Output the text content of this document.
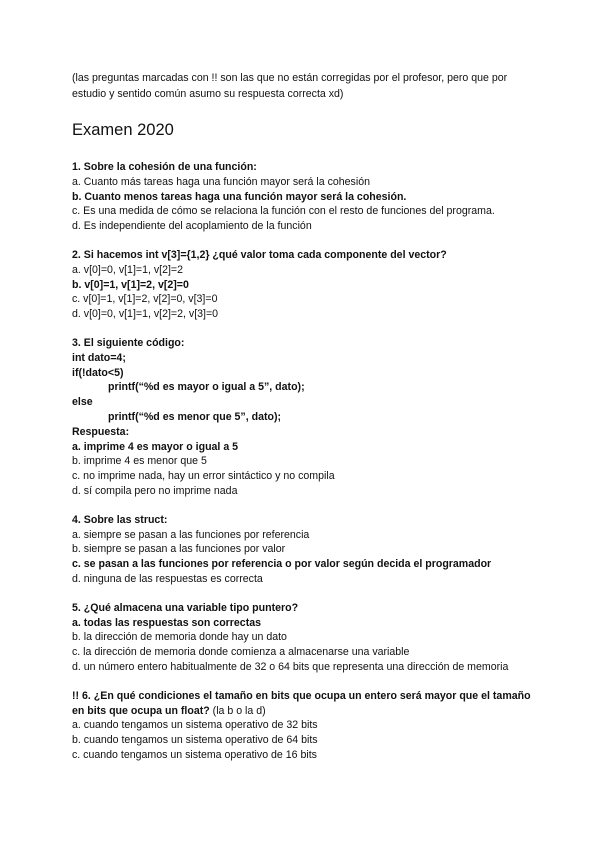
(las preguntas marcadas con !! son las que no están corregidas por el profesor, pero que por estudio y sentido común asumo su respuesta correcta xd)

Examen 2020
1. Sobre la cohesión de una función:
a. Cuanto más tareas haga una función mayor será la cohesión
b. Cuanto menos tareas haga una función mayor será la cohesión.
c. Es una medida de cómo se relaciona la función con el resto de funciones del programa.
d. Es independiente del acoplamiento de la función
2. Si hacemos int v[3]={1,2} ¿qué valor toma cada componente del vector?
a. v[0]=0, v[1]=1, v[2]=2
b. v[0]=1, v[1]=2, v[2]=0
c. v[0]=1, v[1]=2, v[2]=0, v[3]=0
d. v[0]=0, v[1]=1, v[2]=2, v[3]=0
3. El siguiente código:
int dato=4;
if(!dato<5)
printf(“%d es mayor o igual a 5”, dato);
else
printf(“%d es menor que 5”, dato);
Respuesta:
a. imprime 4 es mayor o igual a 5
b. imprime 4 es menor que 5
c. no imprime nada, hay un error sintáctico y no compila
d. sí compila pero no imprime nada
4. Sobre las struct:
a. siempre se pasan a las funciones por referencia
b. siempre se pasan a las funciones por valor
c. se pasan a las funciones por referencia o por valor según decida el programador
d. ninguna de las respuestas es correcta
5. ¿Qué almacena una variable tipo puntero?
a. todas las respuestas son correctas
b. la dirección de memoria donde hay un dato
c. la dirección de memoria donde comienza a almacenarse una variable
d. un número entero habitualmente de 32 o 64 bits que representa una dirección de memoria
!! 6. ¿En qué condiciones el tamaño en bits que ocupa un entero será mayor que el tamaño en bits que ocupa un float? (la b o la d)
a. cuando tengamos un sistema operativo de 32 bits
b. cuando tengamos un sistema operativo de 64 bits
c. cuando tengamos un sistema operativo de 16 bits
